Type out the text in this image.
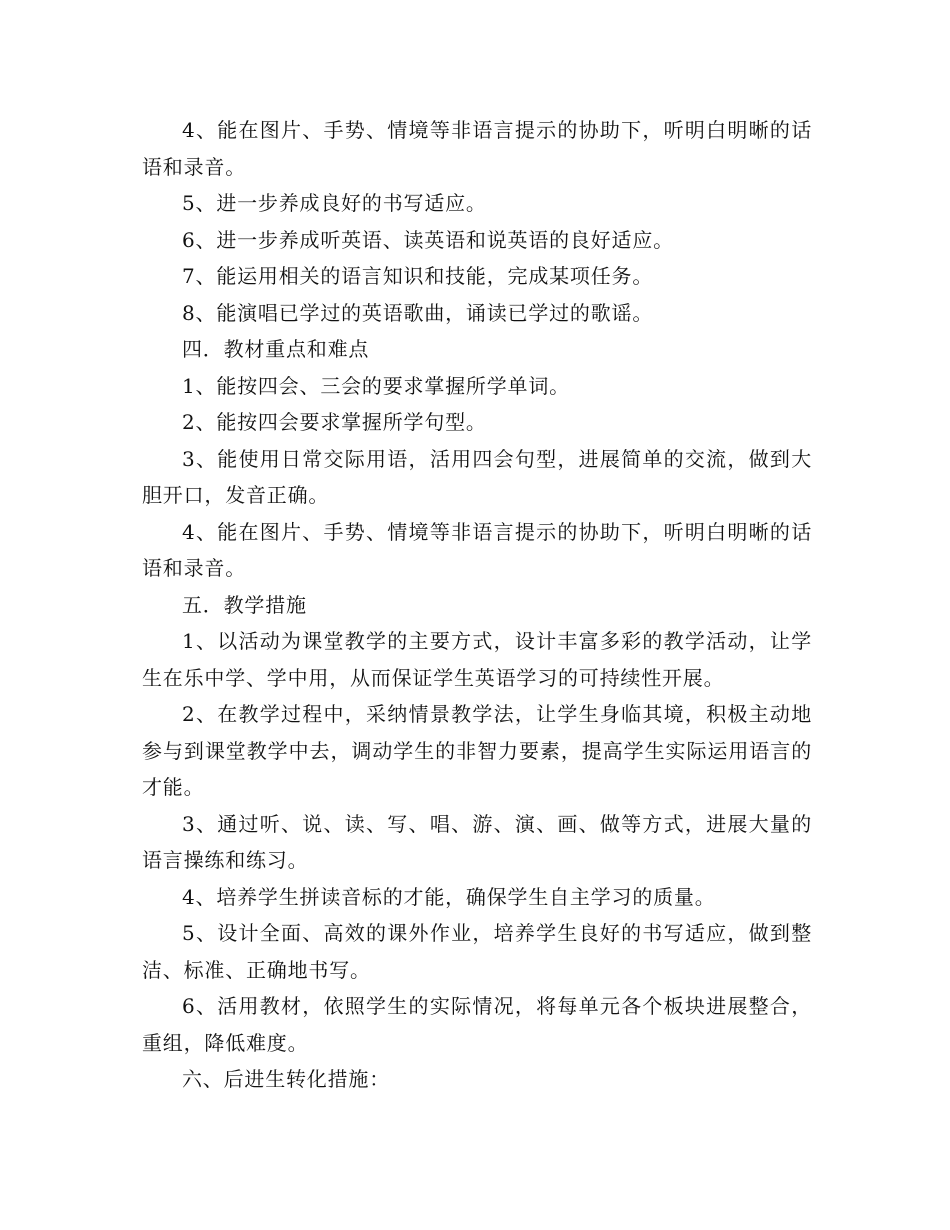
4、能在图片、手势、情境等非语言提示的协助下，听明白明晰的话语和录音。

5、进一步养成良好的书写适应。

6、进一步养成听英语、读英语和说英语的良好适应。

7、能运用相关的语言知识和技能，完成某项任务。

8、能演唱已学过的英语歌曲，诵读已学过的歌谣。

四．教材重点和难点

1、能按四会、三会的要求掌握所学单词。

2、能按四会要求掌握所学句型。

3、能使用日常交际用语，活用四会句型，进展简单的交流，做到大胆开口，发音正确。

4、能在图片、手势、情境等非语言提示的协助下，听明白明晰的话语和录音。

五．教学措施

1、以活动为课堂教学的主要方式，设计丰富多彩的教学活动，让学生在乐中学、学中用，从而保证学生英语学习的可持续性开展。

2、在教学过程中，采纳情景教学法，让学生身临其境，积极主动地参与到课堂教学中去，调动学生的非智力要素，提高学生实际运用语言的才能。

3、通过听、说、读、写、唱、游、演、画、做等方式，进展大量的语言操练和练习。

4、培养学生拼读音标的才能，确保学生自主学习的质量。

5、设计全面、高效的课外作业，培养学生良好的书写适应，做到整洁、标准、正确地书写。

6、活用教材，依照学生的实际情况，将每单元各个板块进展整合，重组，降低难度。

六、后进生转化措施：
